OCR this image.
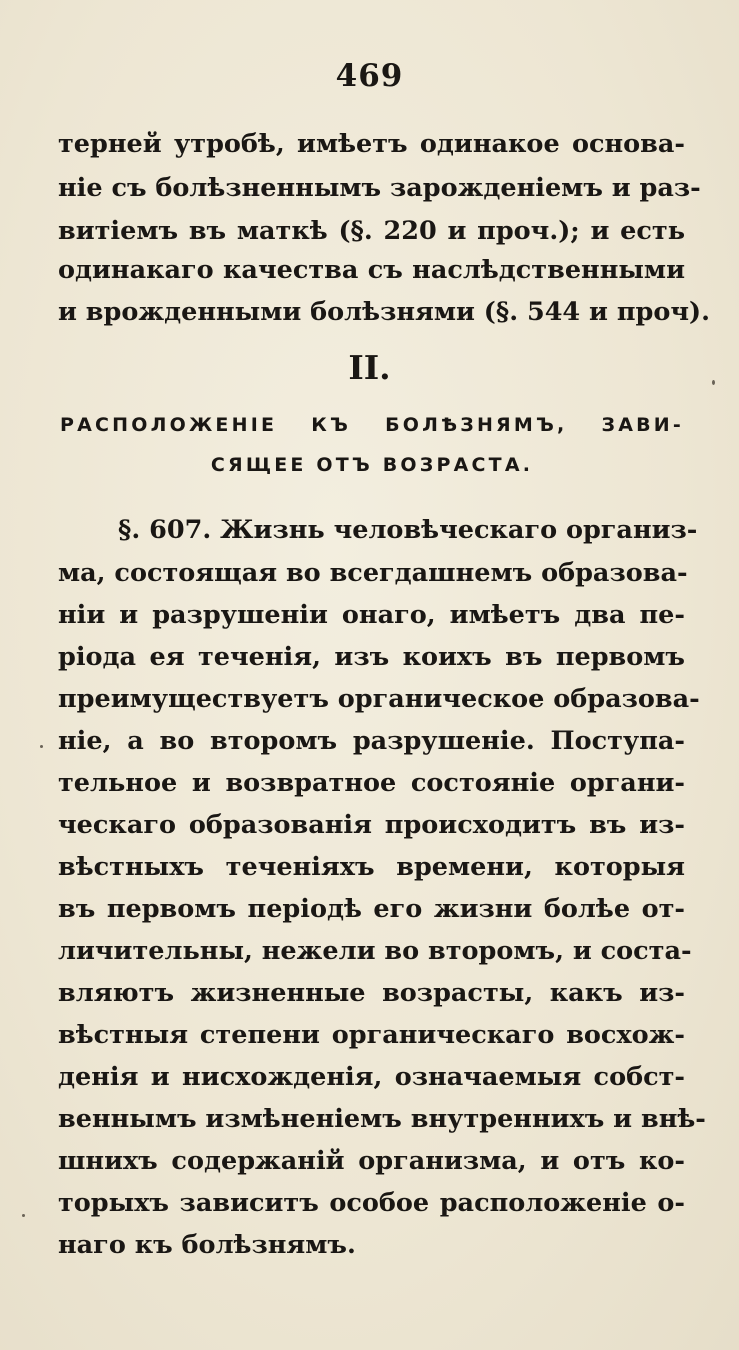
469
терней утробѣ, имѣетъ одинакое основа-
ніе съ болѣзненнымъ зарожденіемъ и раз-
витіемъ въ маткѣ (§. 220 и проч.); и есть
одинакаго качества съ наслѣдственными
и врожденными болѣзнями (§. 544 и проч).
II.
РАСПОЛОЖЕНІЕ КЪ БОЛѢЗНЯМЪ, ЗАВИ-
СЯЩЕЕ ОТЪ ВОЗРАСТА.
§. 607. Жизнь человѣческаго организ-
ма, состоящая во всегдашнемъ образова-
ніи и разрушеніи онаго, имѣетъ два пе-
ріода ея теченія, изъ коихъ въ первомъ
преимуществуетъ органическое образова-
ніе, а во второмъ разрушеніе. Поступа-
тельное и возвратное состояніе органи-
ческаго образованія происходитъ въ из-
вѣстныхъ теченіяхъ времени, которыя
въ первомъ періодѣ его жизни болѣе от-
личительны, нежели во второмъ, и соста-
вляютъ жизненные возрасты, какъ из-
вѣстныя степени органическаго восхож-
денія и нисхожденія, означаемыя собст-
веннымъ измѣненіемъ внутреннихъ и внѣ-
шнихъ содержаній организма, и отъ ко-
торыхъ зависитъ особое расположеніе о-
наго къ болѣзнямъ.
